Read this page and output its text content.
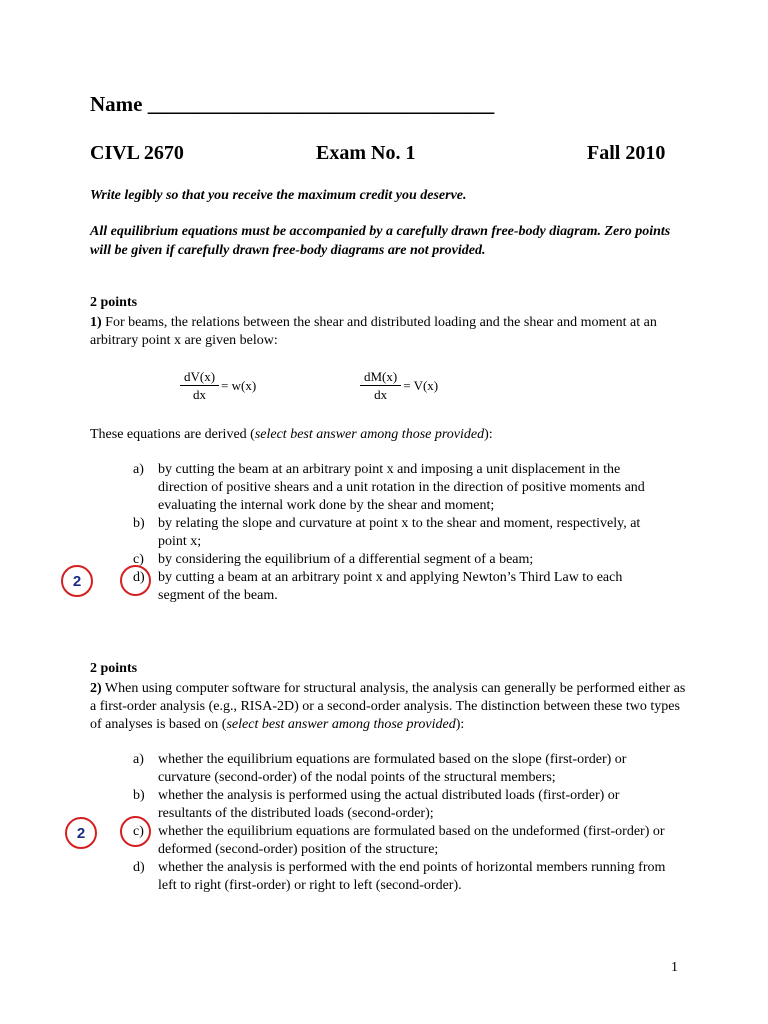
Name _________________________________
CIVL 2670	Exam No. 1	Fall 2010
Write legibly so that you receive the maximum credit you deserve.
All equilibrium equations must be accompanied by a carefully drawn free-body diagram. Zero points will be given if carefully drawn free-body diagrams are not provided.
2 points
1) For beams, the relations between the shear and distributed loading and the shear and moment at an arbitrary point x are given below:
$\frac{dV(x)}{dx} = w(x)$	$\frac{dM(x)}{dx} = V(x)$
These equations are derived (select best answer among those provided):
a) by cutting the beam at an arbitrary point x and imposing a unit displacement in the direction of positive shears and a unit rotation in the direction of positive moments and evaluating the internal work done by the shear and moment;
b) by relating the slope and curvature at point x to the shear and moment, respectively, at
point x;
c) by considering the equilibrium of a differential segment of a beam;
d) by cutting a beam at an arbitrary point x and applying Newton’s Third Law to each segment of the beam.
2
2 points
2) When using computer software for structural analysis, the analysis can generally be performed either as a first-order analysis (e.g., RISA-2D) or a second-order analysis. The distinction between these two types of analyses is based on (select best answer among those provided):
a) whether the equilibrium equations are formulated based on the slope (first-order) or curvature (second-order) of the nodal points of the structural members;
b) whether the analysis is performed using the actual distributed loads (first-order) or resultants of the distributed loads (second-order);
c) whether the equilibrium equations are formulated based on the undeformed (first-order) or deformed (second-order) position of the structure;
d) whether the analysis is performed with the end points of horizontal members running from left to right (first-order) or right to left (second-order).
2
1
